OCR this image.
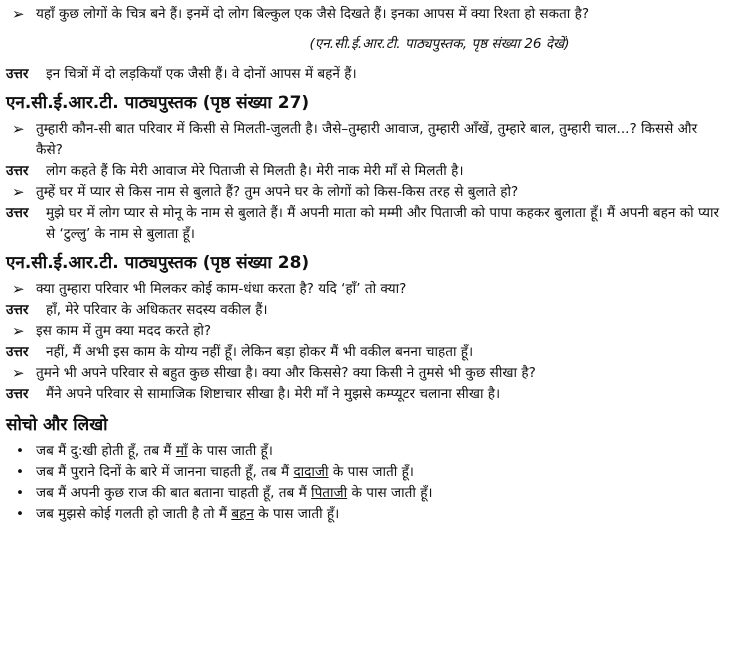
➢ यहाँ कुछ लोगों के चित्र बने हैं। इनमें दो लोग बिल्कुल एक जैसे दिखते हैं। इनका आपस में क्या रिश्ता हो सकता है?
(एन.सी.ई.आर.टी. पाठ्यपुस्तक, पृष्ठ संख्या 26 देखें)
उत्तर इन चित्रों में दो लड़कियाँ एक जैसी हैं। वे दोनों आपस में बहनें हैं।
एन.सी.ई.आर.टी. पाठ्यपुस्तक (पृष्ठ संख्या 27)
➢ तुम्हारी कौन-सी बात परिवार में किसी से मिलती-जुलती है। जैसे–तुम्हारी आवाज, तुम्हारी आँखें, तुम्हारे बाल, तुम्हारी चाल...? किससे और कैसे?
उत्तर लोग कहते हैं कि मेरी आवाज मेरे पिताजी से मिलती है। मेरी नाक मेरी माँ से मिलती है।
➢ तुम्हें घर में प्यार से किस नाम से बुलाते हैं? तुम अपने घर के लोगों को किस-किस तरह से बुलाते हो?
उत्तर मुझे घर में लोग प्यार से मोनू के नाम से बुलाते हैं। मैं अपनी माता को मम्मी और पिताजी को पापा कहकर बुलाता हूँ। मैं अपनी बहन को प्यार से ‘टुल्लु’ के नाम से बुलाता हूँ।
एन.सी.ई.आर.टी. पाठ्यपुस्तक (पृष्ठ संख्या 28)
➢ क्या तुम्हारा परिवार भी मिलकर कोई काम-धंधा करता है? यदि ‘हाँ’ तो क्या?
उत्तर हाँ, मेरे परिवार के अधिकतर सदस्य वकील हैं।
➢ इस काम में तुम क्या मदद करते हो?
उत्तर नहीं, मैं अभी इस काम के योग्य नहीं हूँ। लेकिन बड़ा होकर मैं भी वकील बनना चाहता हूँ।
➢ तुमने भी अपने परिवार से बहुत कुछ सीखा है। क्या और किससे? क्या किसी ने तुमसे भी कुछ सीखा है?
उत्तर मैंने अपने परिवार से सामाजिक शिष्टाचार सीखा है। मेरी माँ ने मुझसे कम्प्यूटर चलाना सीखा है।
सोचो और लिखो
• जब मैं दु:खी होती हूँ, तब मैं माँ के पास जाती हूँ।
• जब मैं पुराने दिनों के बारे में जानना चाहती हूँ, तब मैं दादाजी के पास जाती हूँ।
• जब मैं अपनी कुछ राज की बात बताना चाहती हूँ, तब मैं पिताजी के पास जाती हूँ।
• जब मुझसे कोई गलती हो जाती है तो मैं बहन के पास जाती हूँ।
